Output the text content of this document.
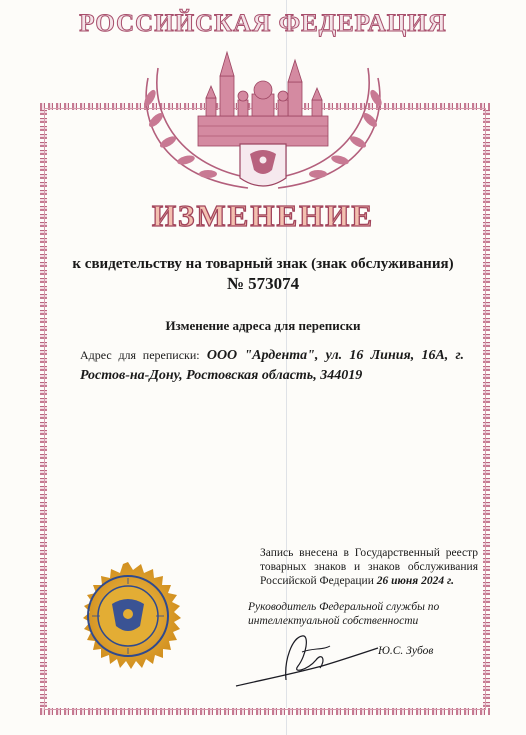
РОССИЙСКАЯ ФЕДЕРАЦИЯ
ИЗМЕНЕНИЕ
к свидетельству на товарный знак (знак обслуживания)
№ 573074
Изменение адреса для переписки
Адрес для переписки: ООО "Ардента", ул. 16 Линия, 16А, г. Ростов-на-Дону, Ростовская область, 344019
Запись внесена в Государственный реестр товарных знаков и знаков обслуживания Российской Федерации 26 июня 2024 г.
Руководитель Федеральной службы по интеллектуальной собственности
Ю.С. Зубов
